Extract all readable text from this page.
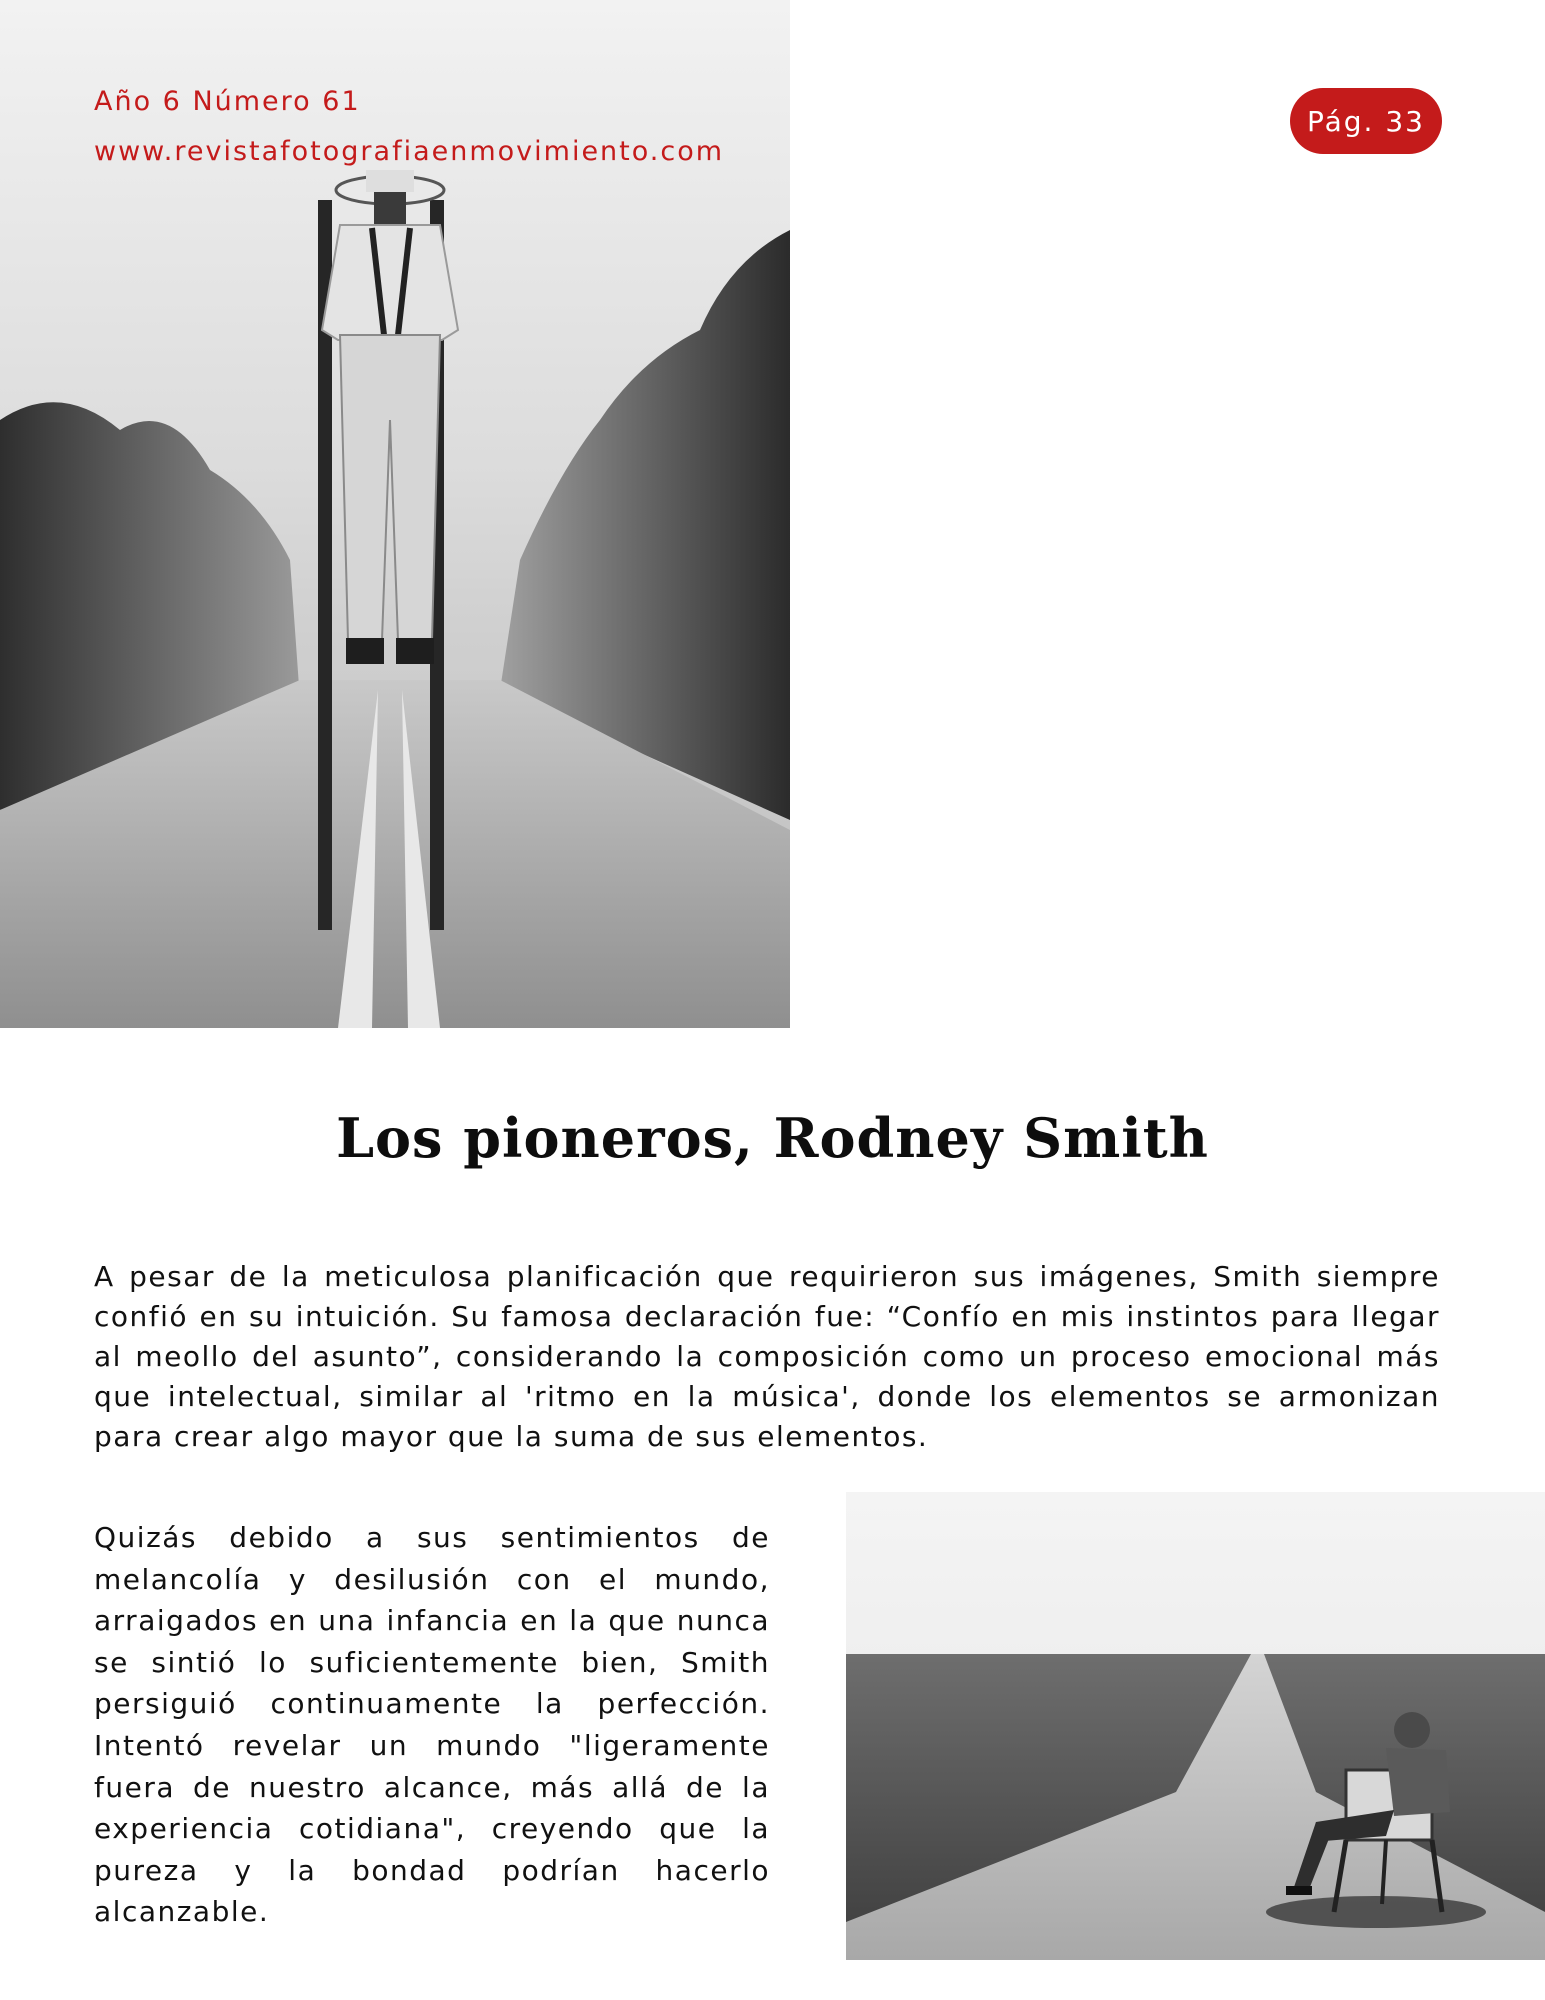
Año 6 Número 61
www.revistafotografiaenmovimiento.com
Pág. 33
Los pioneros, Rodney Smith

A pesar de la meticulosa planificación que requirieron sus imágenes, Smith siempre confió en su intuición. Su famosa declaración fue: “Confío en mis instintos para llegar al meollo del asunto”, considerando la composición como un proceso emocional más que intelectual, similar al 'ritmo en la música', donde los elementos se armonizan para crear algo mayor que la suma de sus elementos.

Quizás debido a sus sentimientos de melancolía y desilusión con el mundo, arraigados en una infancia en la que nunca se sintió lo suficientemente bien, Smith persiguió continuamente la perfección. Intentó revelar un mundo "ligeramente fuera de nuestro alcance, más allá de la experiencia cotidiana", creyendo que la pureza y la bondad podrían hacerlo alcanzable.
